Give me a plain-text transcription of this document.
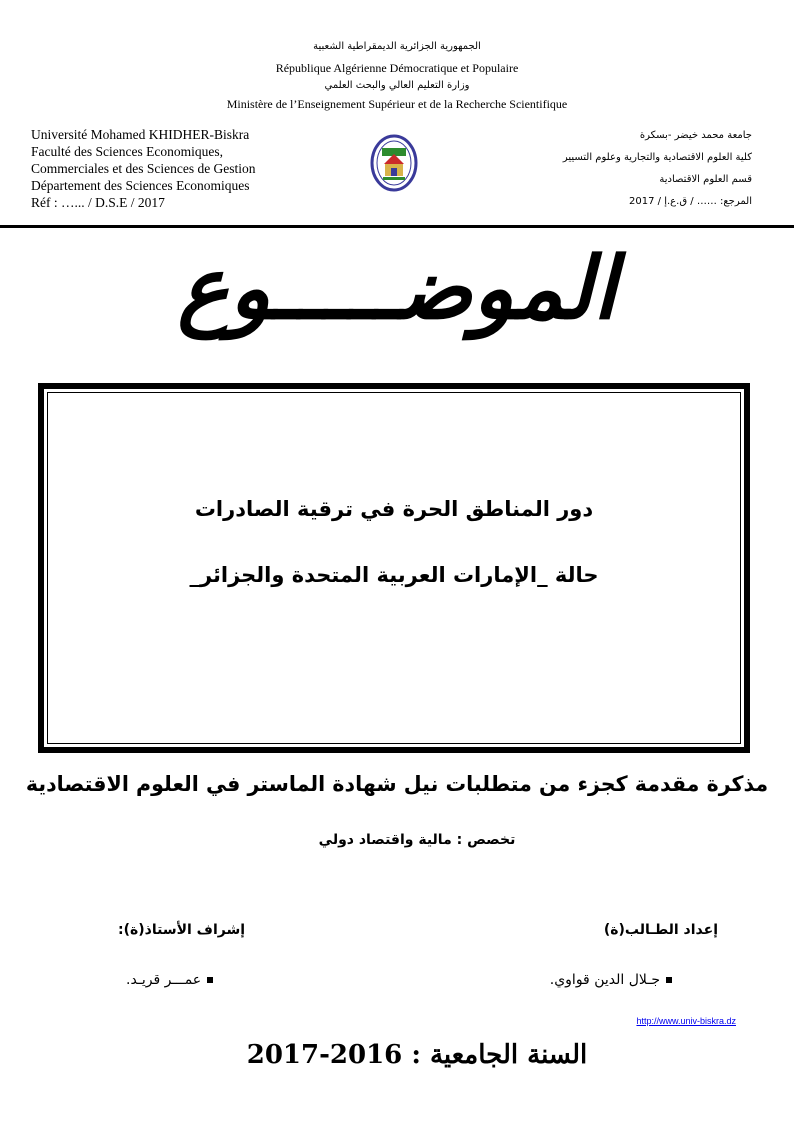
الجمهورية الجزائرية الديمقراطية الشعبية
République Algérienne Démocratique et Populaire
وزارة التعليم العالي والبحث العلمي
Ministère de l’Enseignement Supérieur et de la Recherche Scientifique
Université Mohamed KHIDHER-Biskra
Faculté des Sciences Economiques,
Commerciales et des Sciences de Gestion
Département des Sciences Economiques
Réf : …... / D.S.E / 2017
جامعة محمد خيضر -بسكرة
كلية العلوم الاقتصادية والتجارية وعلوم التسيير
قسم العلوم الاقتصادية
المرجع: …… / ق.ع.إ / 2017
الموضـــــوع
دور المناطق الحرة في ترقية الصادرات
حالة _الإمارات العربية المتحدة والجزائر_
مذكرة مقدمة كجزء من متطلبات نيل شهادة الماستر في العلوم الاقتصادية
تخصص : مالية واقتصاد دولي
إعداد الطـالب(ة)
إشراف الأستاذ(ة):
جـلال الدين قواوي.
عمـــر قريـد.
http://www.univ-biskra.dz
السنة الجامعية : 2016-2017
